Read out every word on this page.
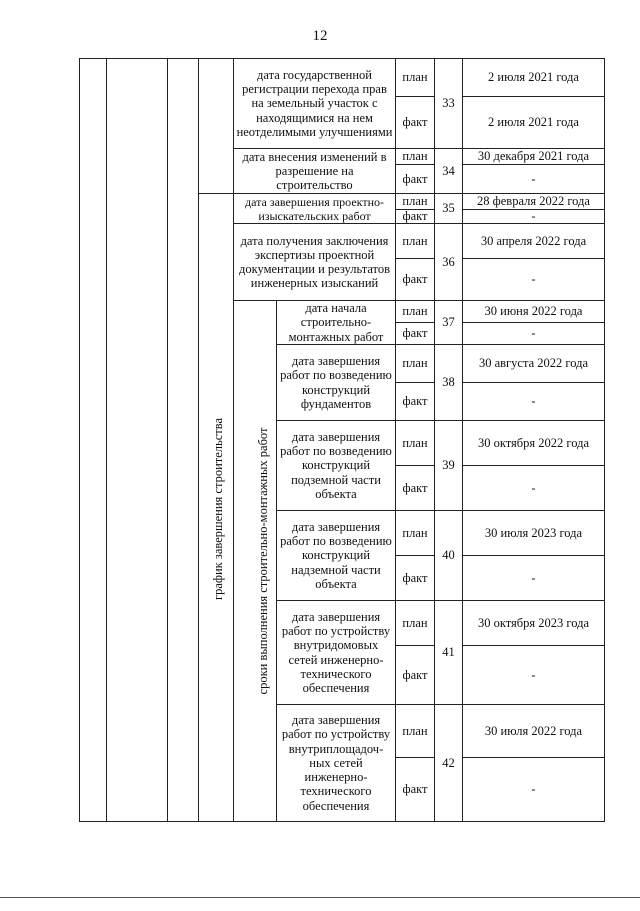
12
график завершения строительства	сроки выполнения строительно-монтажных работ
дата государственной регистрации перехода прав на земельный участок с находящимися на нем неотделимыми улучшениями
план
факт
33
2 июля 2021 года
2 июля 2021 года
дата внесения изменений в разрешение на строительство
план
факт
34
30 декабря 2021 года
-
дата завершения проектно-изыскательских работ
план
факт
35	28 февраля 2022 года
-
дата получения заключения экспертизы проектной документации и результатов инженерных изысканий
план
факт
36
30 апреля 2022 года
-
дата начала строительно-монтажных работ
план
факт
37
30 июня 2022 года
-
дата завершения работ по возведению конструкций фундаментов
план
факт
38
30 августа 2022 года
-
дата завершения работ по возведению конструкций подземной части объекта
план
факт
39
30 октября 2022 года
-
дата завершения работ по возведению конструкций надземной части объекта
план
факт
40
30 июля 2023 года
-
дата завершения работ по устройству внутридомовых сетей инженерно-технического обеспечения
план
факт
41
30 октября 2023 года
-
дата завершения работ по устройству внутриплощадоч-ных сетей инженерно-технического обеспечения
план
факт
42
30 июля 2022 года
-
